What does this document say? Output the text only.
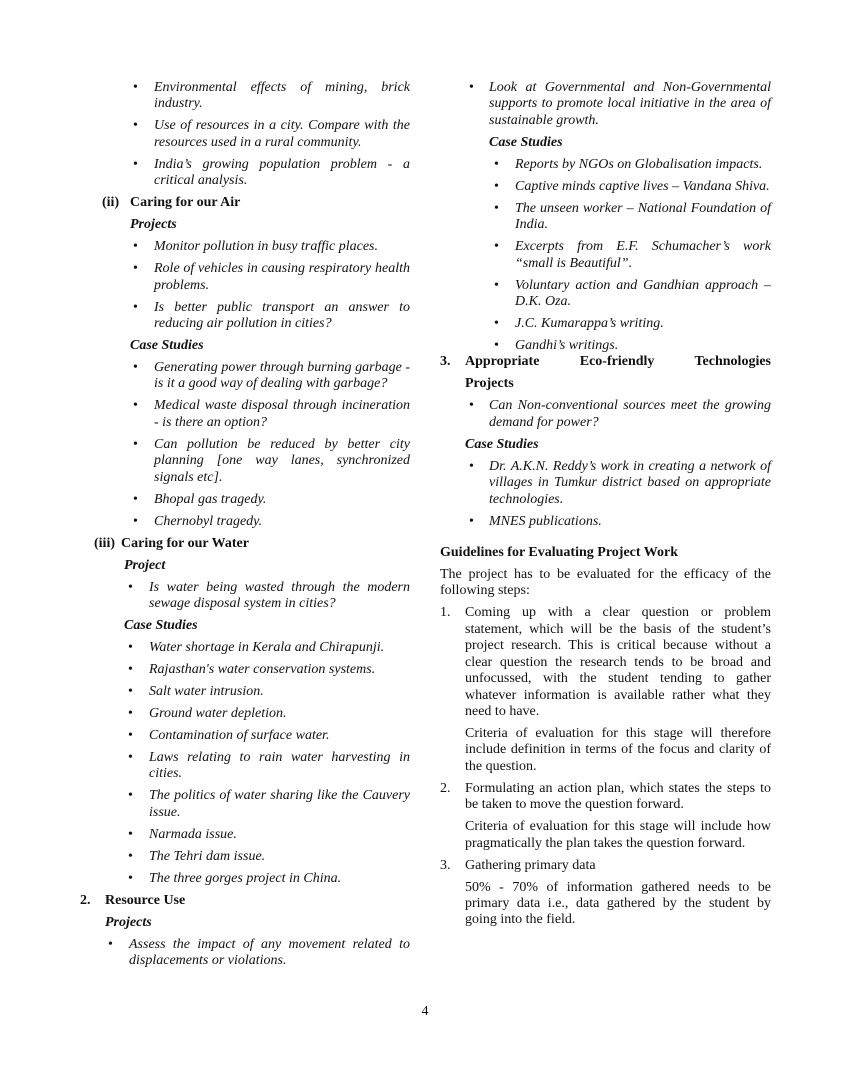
• Environmental effects of mining, brick industry.
• Use of resources in a city. Compare with the resources used in a rural community.
• India’s growing population problem - a critical analysis.
(ii) Caring for our Air
Projects
• Monitor pollution in busy traffic places.
• Role of vehicles in causing respiratory health problems.
• Is better public transport an answer to reducing air pollution in cities?
Case Studies
• Generating power through burning garbage - is it a good way of dealing with garbage?
• Medical waste disposal through incineration - is there an option?
• Can pollution be reduced by better city planning [one way lanes, synchronized signals etc].
• Bhopal gas tragedy.
• Chernobyl tragedy.
(iii) Caring for our Water
Project
• Is water being wasted through the modern sewage disposal system in cities?
Case Studies
• Water shortage in Kerala and Chirapunji.
• Rajasthan's water conservation systems.
• Salt water intrusion.
• Ground water depletion.
• Contamination of surface water.
• Laws relating to rain water harvesting in cities.
• The politics of water sharing like the Cauvery issue.
• Narmada issue.
• The Tehri dam issue.
• The three gorges project in China.
2. Resource Use
Projects
• Assess the impact of any movement related to displacements or violations.
• Look at Governmental and Non-Governmental supports to promote local initiative in the area of sustainable growth.
Case Studies
• Reports by NGOs on Globalisation impacts.
• Captive minds captive lives – Vandana Shiva.
• The unseen worker – National Foundation of India.
• Excerpts from E.F. Schumacher’s work “small is Beautiful”.
• Voluntary action and Gandhian approach – D.K. Oza.
• J.C. Kumarappa’s writing.
• Gandhi’s writings.
3. Appropriate Eco-friendly Technologies
Projects
• Can Non-conventional sources meet the growing demand for power?
Case Studies
• Dr. A.K.N. Reddy’s work in creating a network of villages in Tumkur district based on appropriate technologies.
• MNES publications.
Guidelines for Evaluating Project Work
The project has to be evaluated for the efficacy of the following steps:
1. Coming up with a clear question or problem statement, which will be the basis of the student’s project research. This is critical because without a clear question the research tends to be broad and unfocussed, with the student tending to gather whatever information is available rather what they need to have.
Criteria of evaluation for this stage will therefore include definition in terms of the focus and clarity of the question.
2. Formulating an action plan, which states the steps to be taken to move the question forward.
Criteria of evaluation for this stage will include how pragmatically the plan takes the question forward.
3. Gathering primary data
50% - 70% of information gathered needs to be primary data i.e., data gathered by the student by going into the field.
4
